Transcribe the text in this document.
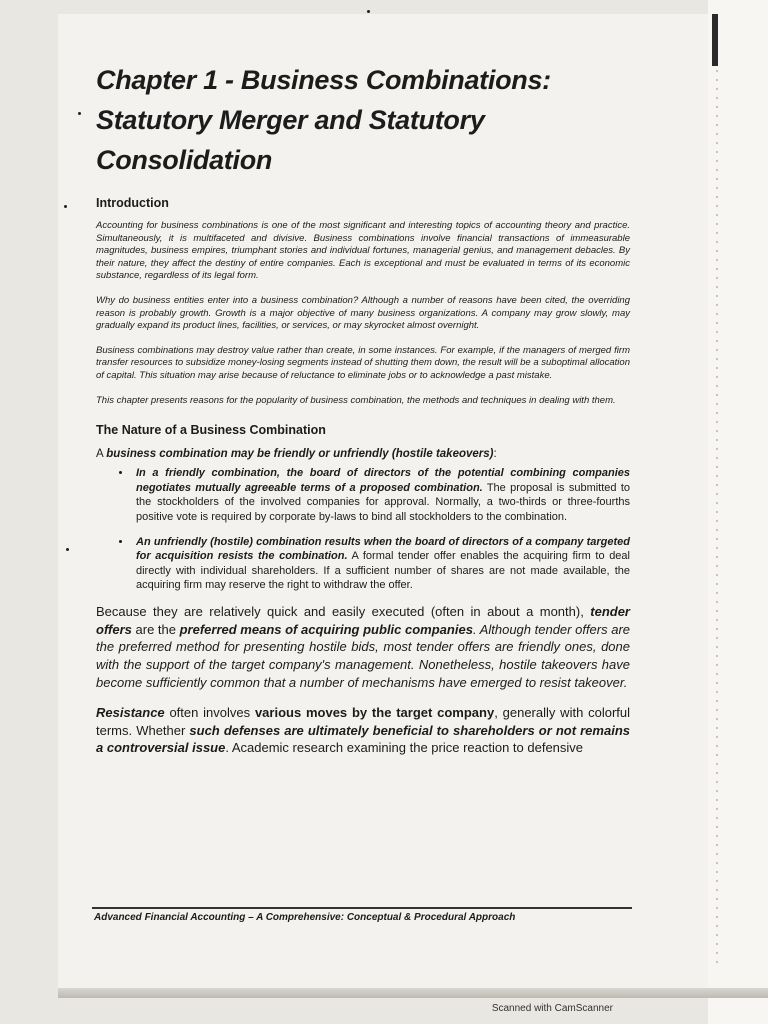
Chapter 1 - Business Combinations: Statutory Merger and Statutory Consolidation
Introduction

Accounting for business combinations is one of the most significant and interesting topics of accounting theory and practice. Simultaneously, it is multifaceted and divisive. Business combinations involve financial transactions of immeasurable magnitudes, business empires, triumphant stories and individual fortunes, managerial genius, and management debacles. By their nature, they affect the destiny of entire companies. Each is exceptional and must be evaluated in terms of its economic substance, regardless of its legal form.

Why do business entities enter into a business combination? Although a number of reasons have been cited, the overriding reason is probably growth. Growth is a major objective of many business organizations. A company may grow slowly, may gradually expand its product lines, facilities, or services, or may skyrocket almost overnight.

Business combinations may destroy value rather than create, in some instances. For example, if the managers of merged firm transfer resources to subsidize money-losing segments instead of shutting them down, the result will be a suboptimal allocation of capital. This situation may arise because of reluctance to eliminate jobs or to acknowledge a past mistake.

This chapter presents reasons for the popularity of business combination, the methods and techniques in dealing with them.

The Nature of a Business Combination

A business combination may be friendly or unfriendly (hostile takeovers):

• In a friendly combination, the board of directors of the potential combining companies negotiates mutually agreeable terms of a proposed combination. The proposal is submitted to the stockholders of the involved companies for approval. Normally, a two-thirds or three-fourths positive vote is required by corporate by-laws to bind all stockholders to the combination.
• An unfriendly (hostile) combination results when the board of directors of a company targeted for acquisition resists the combination. A formal tender offer enables the acquiring firm to deal directly with individual shareholders. If a sufficient number of shares are not made available, the acquiring firm may reserve the right to withdraw the offer.

Because they are relatively quick and easily executed (often in about a month), tender offers are the preferred means of acquiring public companies. Although tender offers are the preferred method for presenting hostile bids, most tender offers are friendly ones, done with the support of the target company's management. Nonetheless, hostile takeovers have become sufficiently common that a number of mechanisms have emerged to resist takeover.

Resistance often involves various moves by the target company, generally with colorful terms. Whether such defenses are ultimately beneficial to shareholders or not remains a controversial issue. Academic research examining the price reaction to defensive

Advanced Financial Accounting – A Comprehensive: Conceptual & Procedural Approach
Scanned with CamScanner
